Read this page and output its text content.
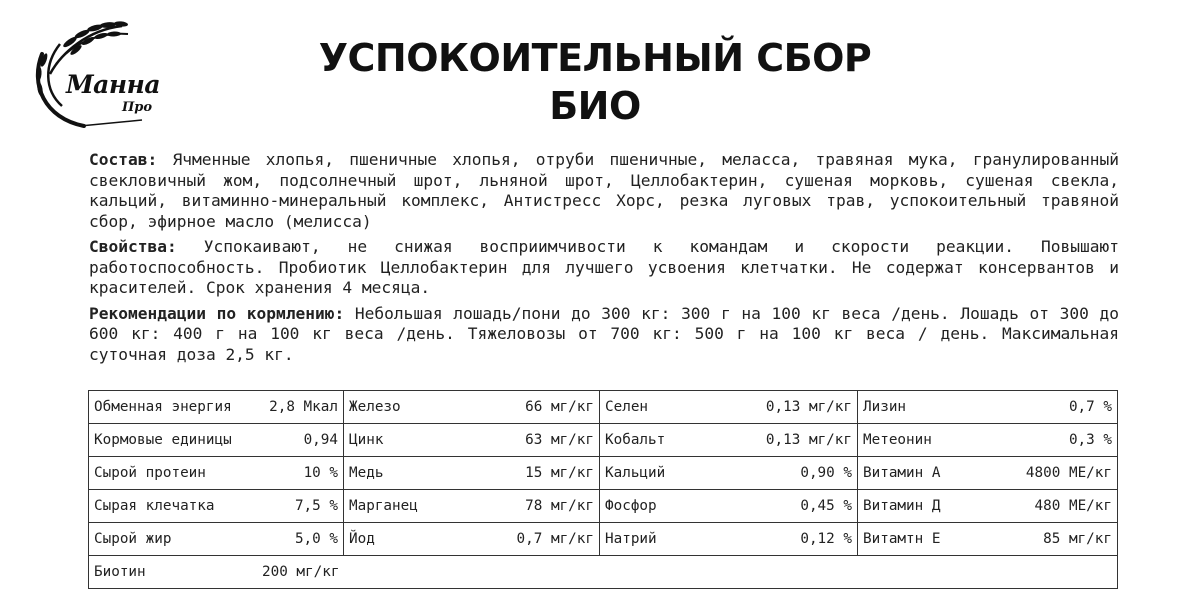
Манна
Про
УСПОКОИТЕЛЬНЫЙ СБОР
БИО

Состав: Ячменные хлопья, пшеничные хлопья, отруби пшеничные, меласса, травяная мука, гранулированный свекловичный жом, подсолнечный шрот, льняной шрот, Целлобактерин, сушеная морковь, сушеная свекла, кальций, витаминно-минеральный комплекс, Антистресс Хорс, резка луговых трав, успокоительный травяной сбор, эфирное масло (мелисса)

Свойства: Успокаивают, не снижая восприимчивости к командам и скорости реакции. Повышают работоспособность. Пробиотик Целлобактерин для лучшего усвоения клетчатки. Не содержат консервантов и красителей. Срок хранения 4 месяца.

Рекомендации по кормлению: Небольшая лошадь/пони до 300 кг: 300 г на 100 кг веса /день. Лошадь от 300 до 600 кг: 400 г на 100 кг веса /день. Тяжеловозы от 700 кг: 500 г на 100 кг веса / день. Максимальная суточная доза 2,5 кг.

Обменная энергия 2,8 Мкал	Железо 66 мг/кг	Селен 0,13 мг/кг	Лизин 0,7 %

Кормовые единицы 0,94	Цинк 63 мг/кг	Кобальт 0,13 мг/кг	Метеонин 0,3 %

Сырой протеин 10 %	Медь 15 мг/кг	Кальций 0,90 %	Витамин А 4800 МЕ/кг

Сырая клечатка 7,5 %	Марганец 78 мг/кг	Фосфор 0,45 %	Витамин Д 480 МЕ/кг

Сырой жир 5,0 %	Йод 0,7 мг/кг	Натрий 0,12 %	Витамтн Е 85 мг/кг

Биотин 200 мг/кг			
